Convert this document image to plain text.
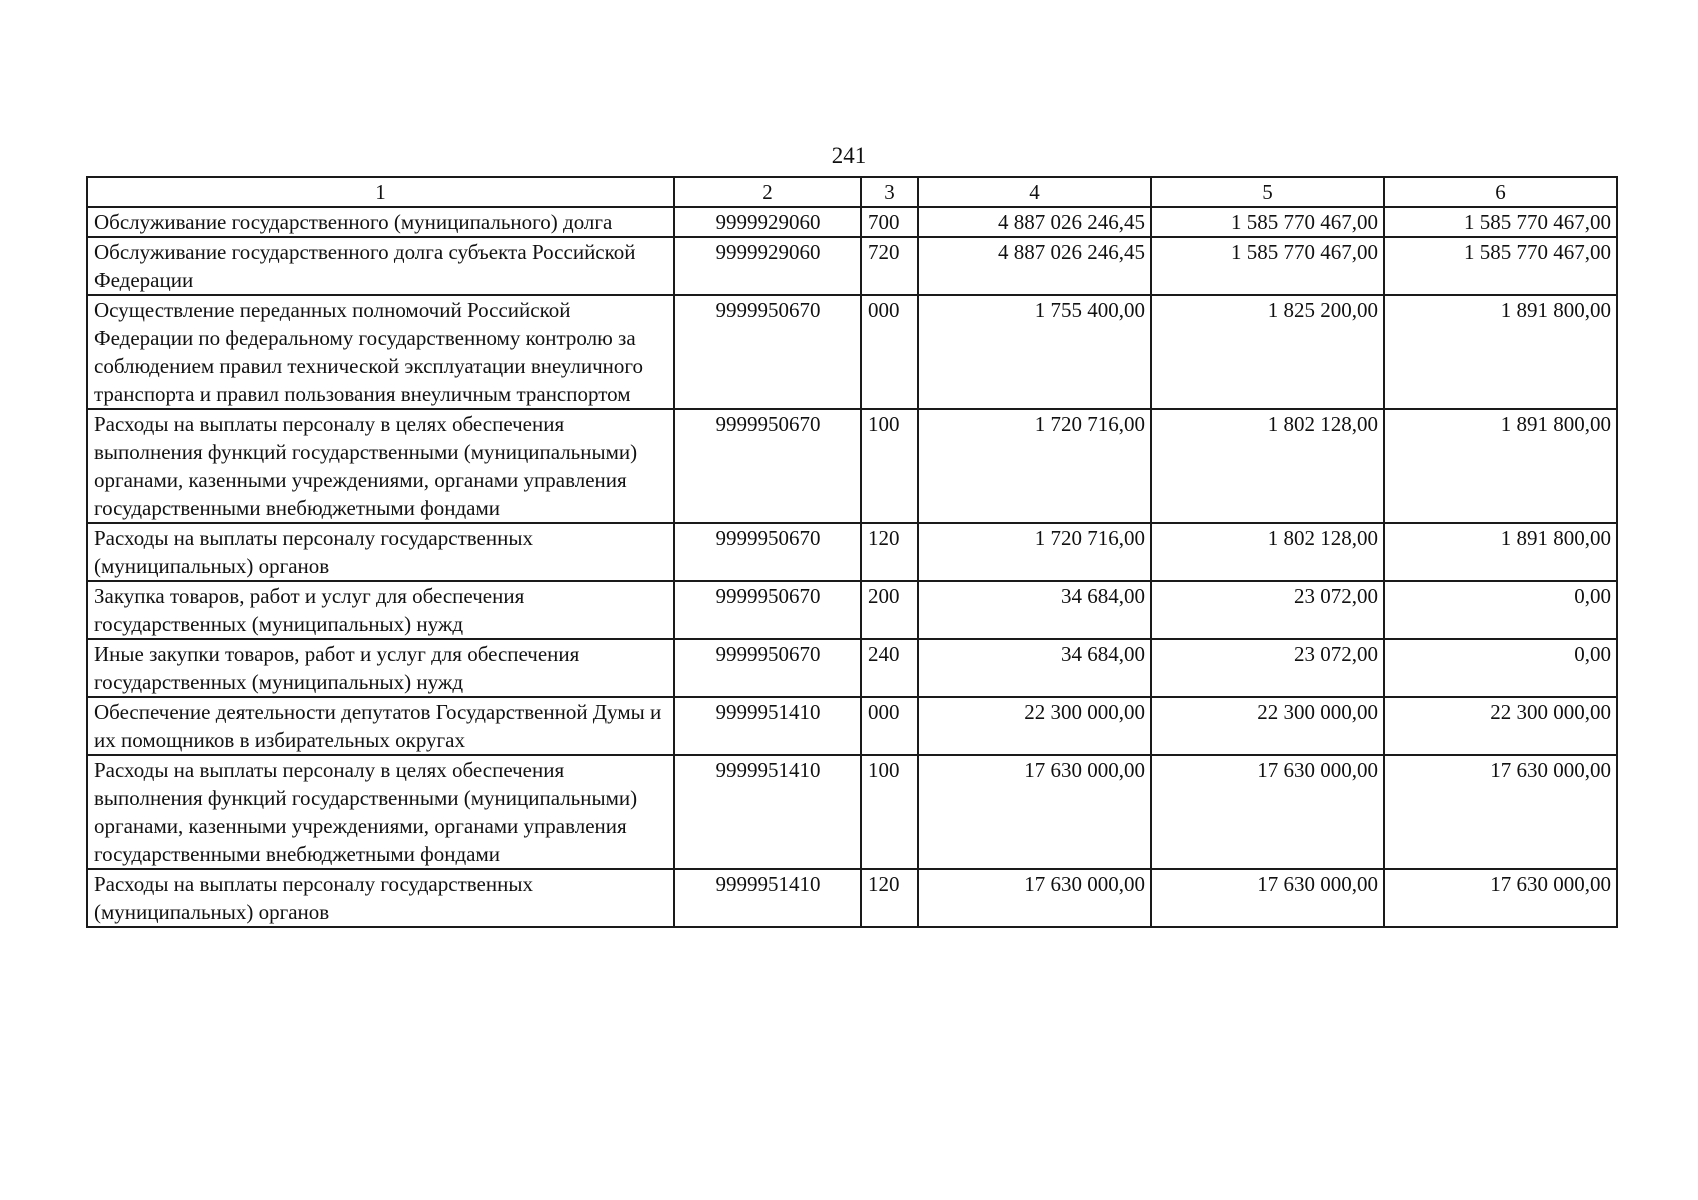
241
1	2	3	4	5	6
Обслуживание государственного (муниципального) долга	9999929060	700	4 887 026 246,45	1 585 770 467,00	1 585 770 467,00
Обслуживание государственного долга субъекта Российской Федерации	9999929060	720	4 887 026 246,45	1 585 770 467,00	1 585 770 467,00
Осуществление переданных полномочий Российской Федерации по федеральному государственному контролю за соблюдением правил технической эксплуатации внеуличного транспорта и правил пользования внеуличным транспортом	9999950670	000	1 755 400,00	1 825 200,00	1 891 800,00
Расходы на выплаты персоналу в целях обеспечения выполнения функций государственными (муниципальными) органами, казенными учреждениями, органами управления государственными внебюджетными фондами	9999950670	100	1 720 716,00	1 802 128,00	1 891 800,00
Расходы на выплаты персоналу государственных (муниципальных) органов	9999950670	120	1 720 716,00	1 802 128,00	1 891 800,00
Закупка товаров, работ и услуг для обеспечения государственных (муниципальных) нужд	9999950670	200	34 684,00	23 072,00	0,00
Иные закупки товаров, работ и услуг для обеспечения государственных (муниципальных) нужд	9999950670	240	34 684,00	23 072,00	0,00
Обеспечение деятельности депутатов Государственной Думы и их помощников в избирательных округах	9999951410	000	22 300 000,00	22 300 000,00	22 300 000,00
Расходы на выплаты персоналу в целях обеспечения выполнения функций государственными (муниципальными) органами, казенными учреждениями, органами управления государственными внебюджетными фондами	9999951410	100	17 630 000,00	17 630 000,00	17 630 000,00
Расходы на выплаты персоналу государственных (муниципальных) органов	9999951410	120	17 630 000,00	17 630 000,00	17 630 000,00
